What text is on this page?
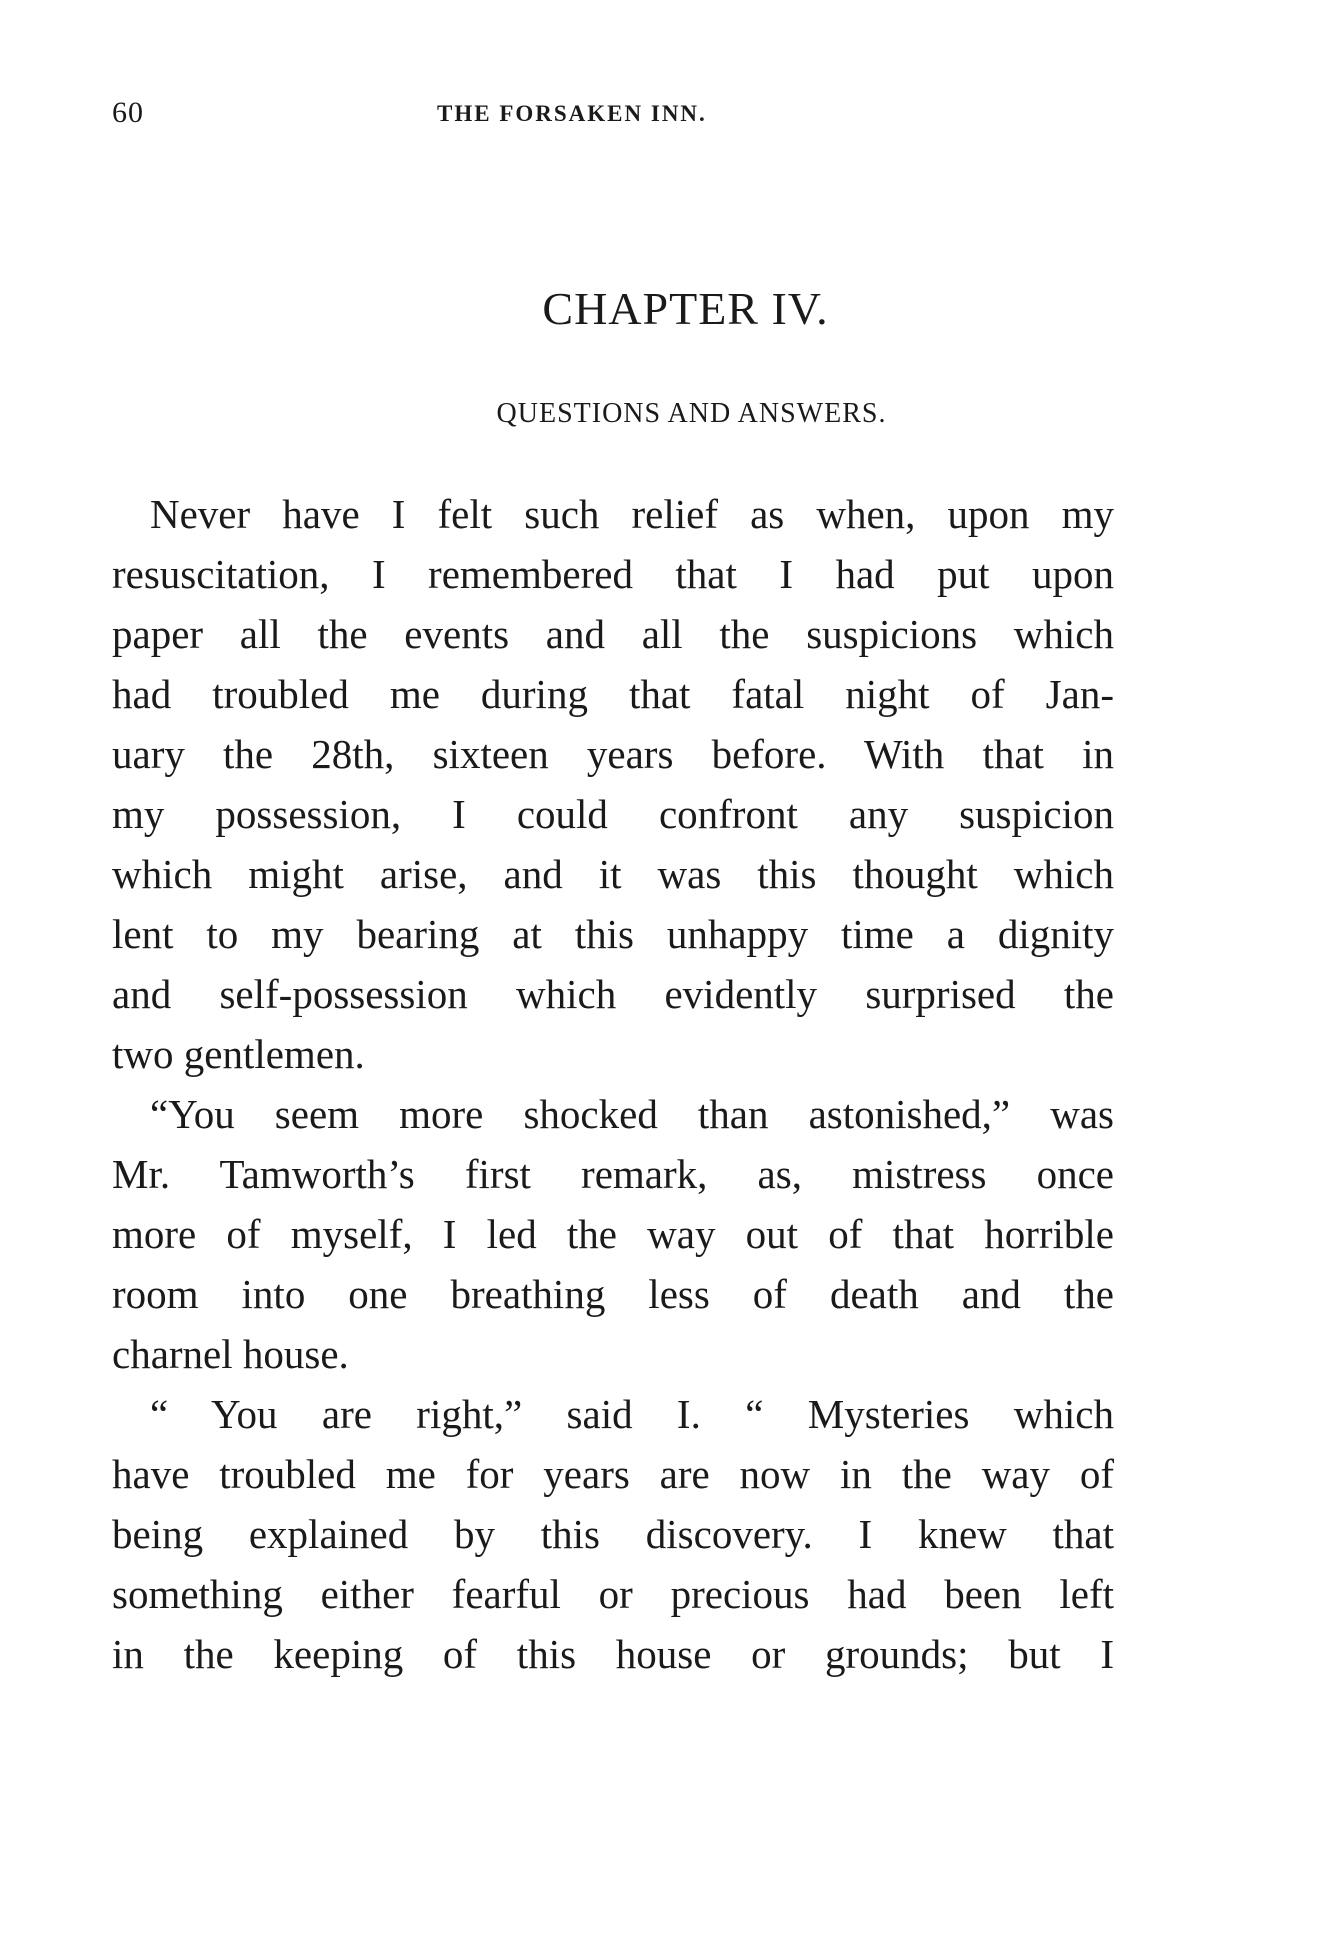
60	THE FORSAKEN INN.
CHAPTER IV.
QUESTIONS AND ANSWERS.
Never have I felt such relief as when, upon my
resuscitation, I remembered that I had put upon
paper all the events and all the suspicions which
had troubled me during that fatal night of Jan-
uary the 28th, sixteen years before. With that in
my possession, I could confront any suspicion
which might arise, and it was this thought which
lent to my bearing at this unhappy time a dignity
and self-possession which evidently surprised the
two gentlemen.
“You seem more shocked than astonished,” was
Mr. Tamworth’s first remark, as, mistress once
more of myself, I led the way out of that horrible
room into one breathing less of death and the
charnel house.
“ You are right,” said I. “ Mysteries which
have troubled me for years are now in the way of
being explained by this discovery. I knew that
something either fearful or precious had been left
in the keeping of this house or grounds; but I
